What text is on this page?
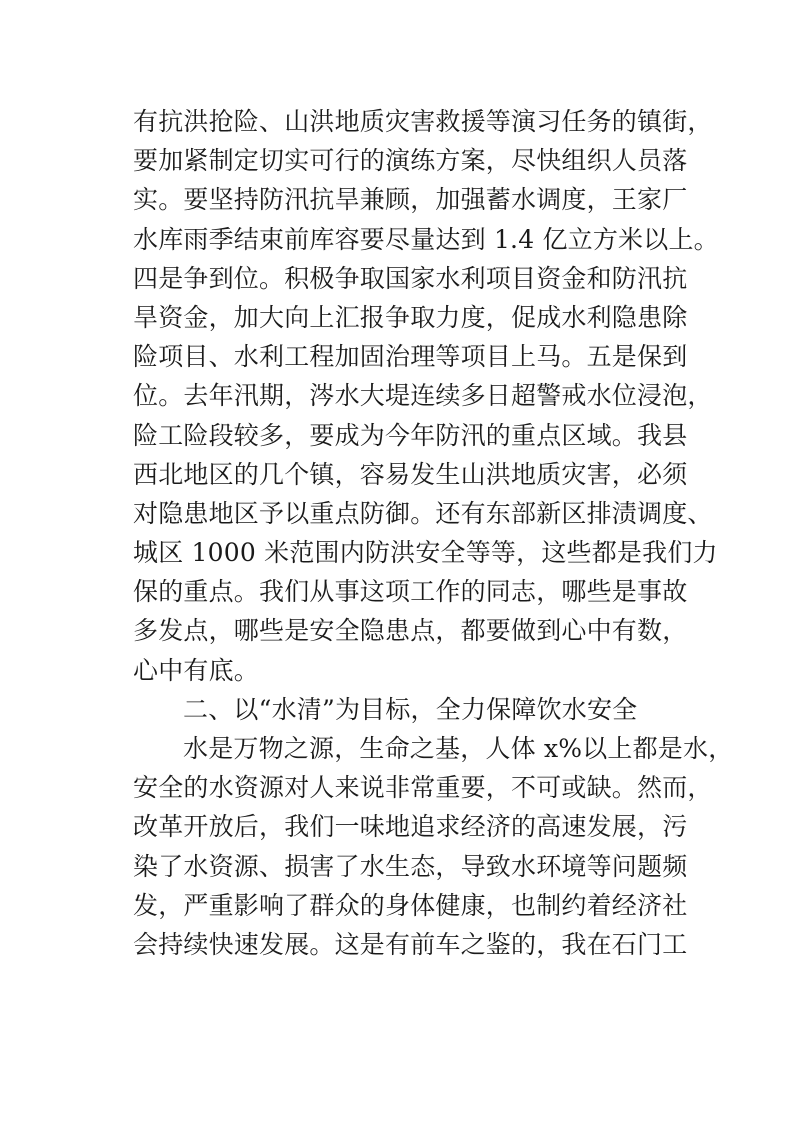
有抗洪抢险、山洪地质灾害救援等演习任务的镇街，
要加紧制定切实可行的演练方案，尽快组织人员落
实。要坚持防汛抗旱兼顾，加强蓄水调度，王家厂
水库雨季结束前库容要尽量达到 1.4 亿立方米以上。
四是争到位。积极争取国家水利项目资金和防汛抗
旱资金，加大向上汇报争取力度，促成水利隐患除
险项目、水利工程加固治理等项目上马。五是保到
位。去年汛期，涔水大堤连续多日超警戒水位浸泡，
险工险段较多，要成为今年防汛的重点区域。我县
西北地区的几个镇，容易发生山洪地质灾害，必须
对隐患地区予以重点防御。还有东部新区排渍调度、
城区 1000 米范围内防洪安全等等，这些都是我们力
保的重点。我们从事这项工作的同志，哪些是事故
多发点，哪些是安全隐患点，都要做到心中有数，
心中有底。
二、以“水清”为目标，全力保障饮水安全
水是万物之源，生命之基，人体 x%以上都是水，
安全的水资源对人来说非常重要，不可或缺。然而，
改革开放后，我们一味地追求经济的高速发展，污
染了水资源、损害了水生态，导致水环境等问题频
发，严重影响了群众的身体健康，也制约着经济社
会持续快速发展。这是有前车之鉴的，我在石门工
